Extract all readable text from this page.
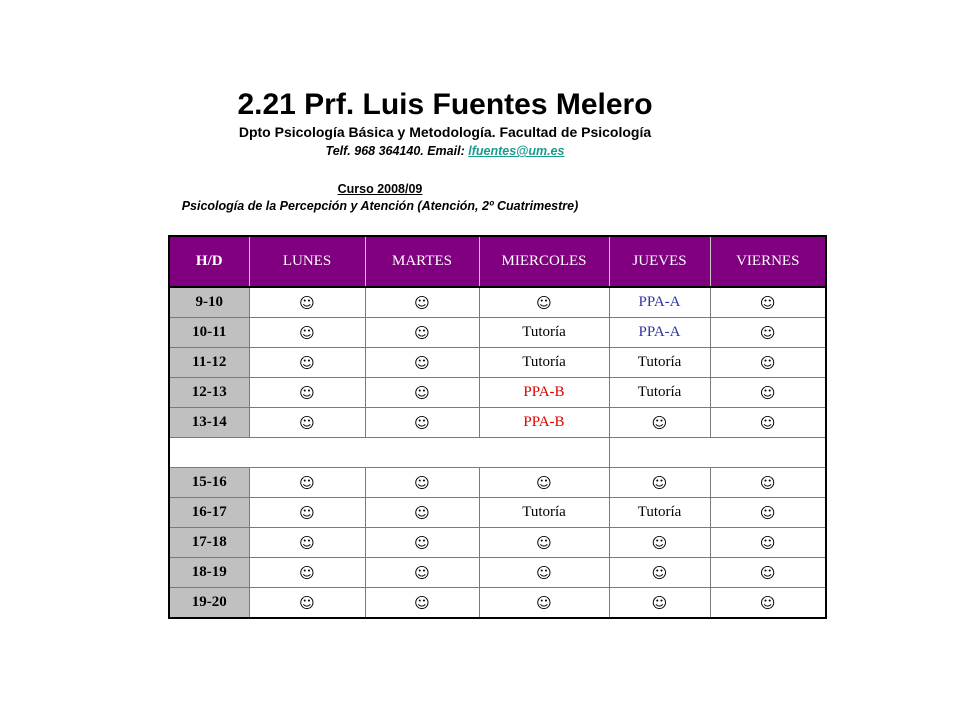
2.21 Prf. Luis Fuentes Melero
Dpto Psicología Básica y Metodología. Facultad de Psicología
Telf. 968 364140. Email: lfuentes@um.es
Curso 2008/09
Psicología de la Percepción y Atención (Atención, 2º Cuatrimestre)
H/D	LUNES	MARTES	MIERCOLES	JUEVES	VIERNES
9-10	☺	☺	☺	PPA-A	☺
10-11	☺	☺	Tutoría	PPA-A	☺
11-12	☺	☺	Tutoría	Tutoría	☺
12-13	☺	☺	PPA-B	Tutoría	☺
13-14	☺	☺	PPA-B	☺	☺

15-16	☺	☺	☺	☺	☺
16-17	☺	☺	Tutoría	Tutoría	☺
17-18	☺	☺	☺	☺	☺
18-19	☺	☺	☺	☺	☺
19-20	☺	☺	☺	☺	☺
